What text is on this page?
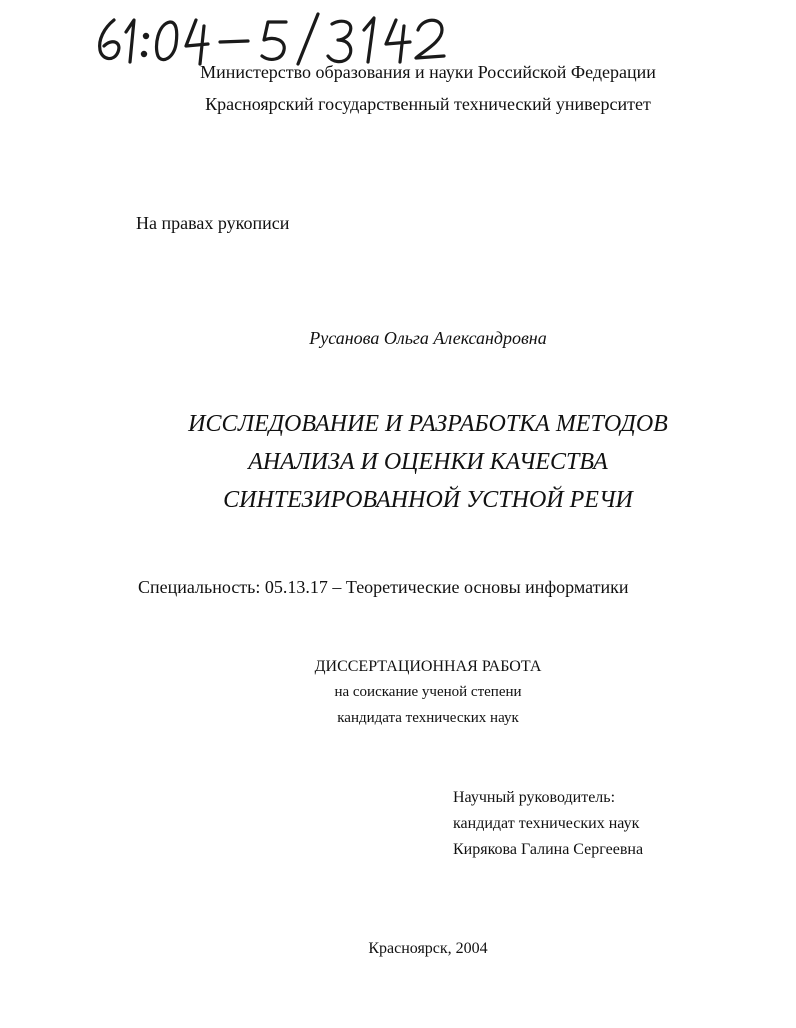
Министерство образования и науки Российской Федерации
Красноярский государственный технический университет
На правах рукописи
Русанова Ольга Александровна
ИССЛЕДОВАНИЕ И РАЗРАБОТКА МЕТОДОВ
АНАЛИЗА И ОЦЕНКИ КАЧЕСТВА
СИНТЕЗИРОВАННОЙ УСТНОЙ РЕЧИ
Специальность: 05.13.17 – Теоретические основы информатики
ДИССЕРТАЦИОННАЯ РАБОТА
на соискание ученой степени
кандидата технических наук
Научный руководитель:
кандидат технических наук
Кирякова Галина Сергеевна
Красноярск, 2004
